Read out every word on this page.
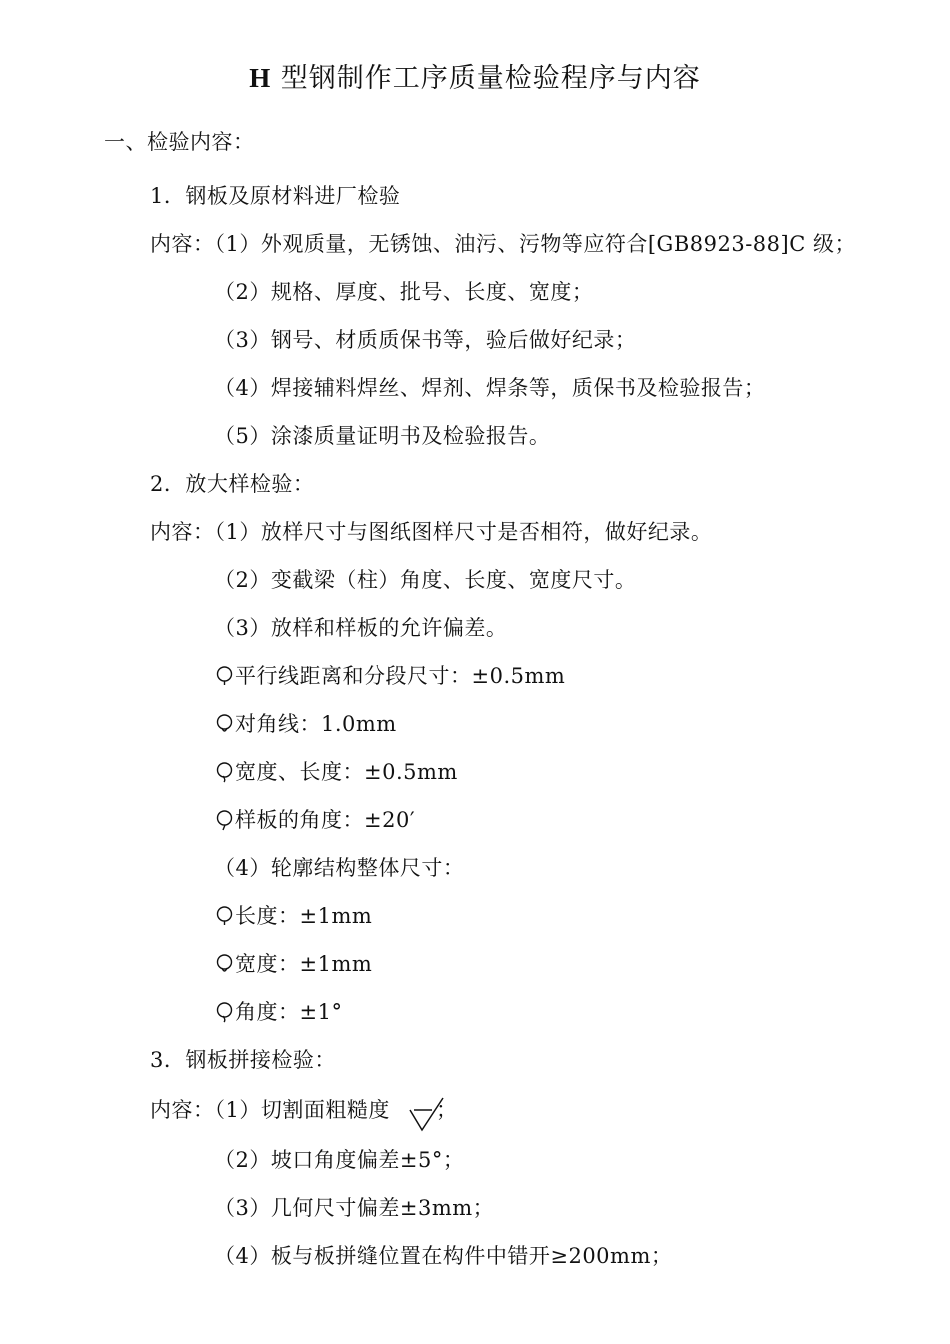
H 型钢制作工序质量检验程序与内容
一、检验内容：
1．钢板及原材料进厂检验
内容：（1）外观质量，无锈蚀、油污、污物等应符合[GB8923-88]C 级；
（2）规格、厚度、批号、长度、宽度；
（3）钢号、材质质保书等，验后做好纪录；
（4）焊接辅料焊丝、焊剂、焊条等，质保书及检验报告；
（5）涂漆质量证明书及检验报告。
2．放大样检验：
内容：（1）放样尺寸与图纸图样尺寸是否相符，做好纪录。
（2）变截梁（柱）角度、长度、宽度尺寸。
（3）放样和样板的允许偏差。
平行线距离和分段尺寸：±0.5mm
对角线：1.0mm
宽度、长度：±0.5mm
样板的角度：±20′
（4）轮廓结构整体尺寸：
长度：±1mm
宽度：±1mm
角度：±1°
3．钢板拼接检验：
内容：（1）切割面粗糙度 ；
（2）坡口角度偏差±5°；
（3）几何尺寸偏差±3mm；
（4）板与板拼缝位置在构件中错开≥200mm；
